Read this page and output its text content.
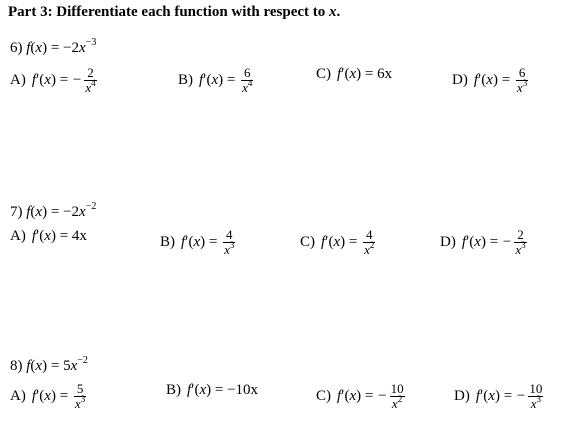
Part 3: Differentiate each function with respect to x.
6) $f(x) = -2x^{-3}$
A) f′(x) = − $\frac{2}{x^4}$	B) $f'(x) = \frac{6}{x^4}$	C) f′(x) = 6x	D) $f'(x) = \frac{6}{x^3}$
7) $f(x) = -2x^{-2}$
A) f′(x) = 4x	B) $f'(x) = \frac{4}{x^3}$	C) $f'(x) = \frac{4}{x^2}$	D) f′(x) = − $\frac{2}{x^3}$
8) $f(x) = 5x^{-2}$
A) $f'(x) = \frac{5}{x^3}$	B) f′(x) = −10x	C) f′(x) = − $\frac{10}{x^2}$	D) f′(x) = − $\frac{10}{x^3}$
